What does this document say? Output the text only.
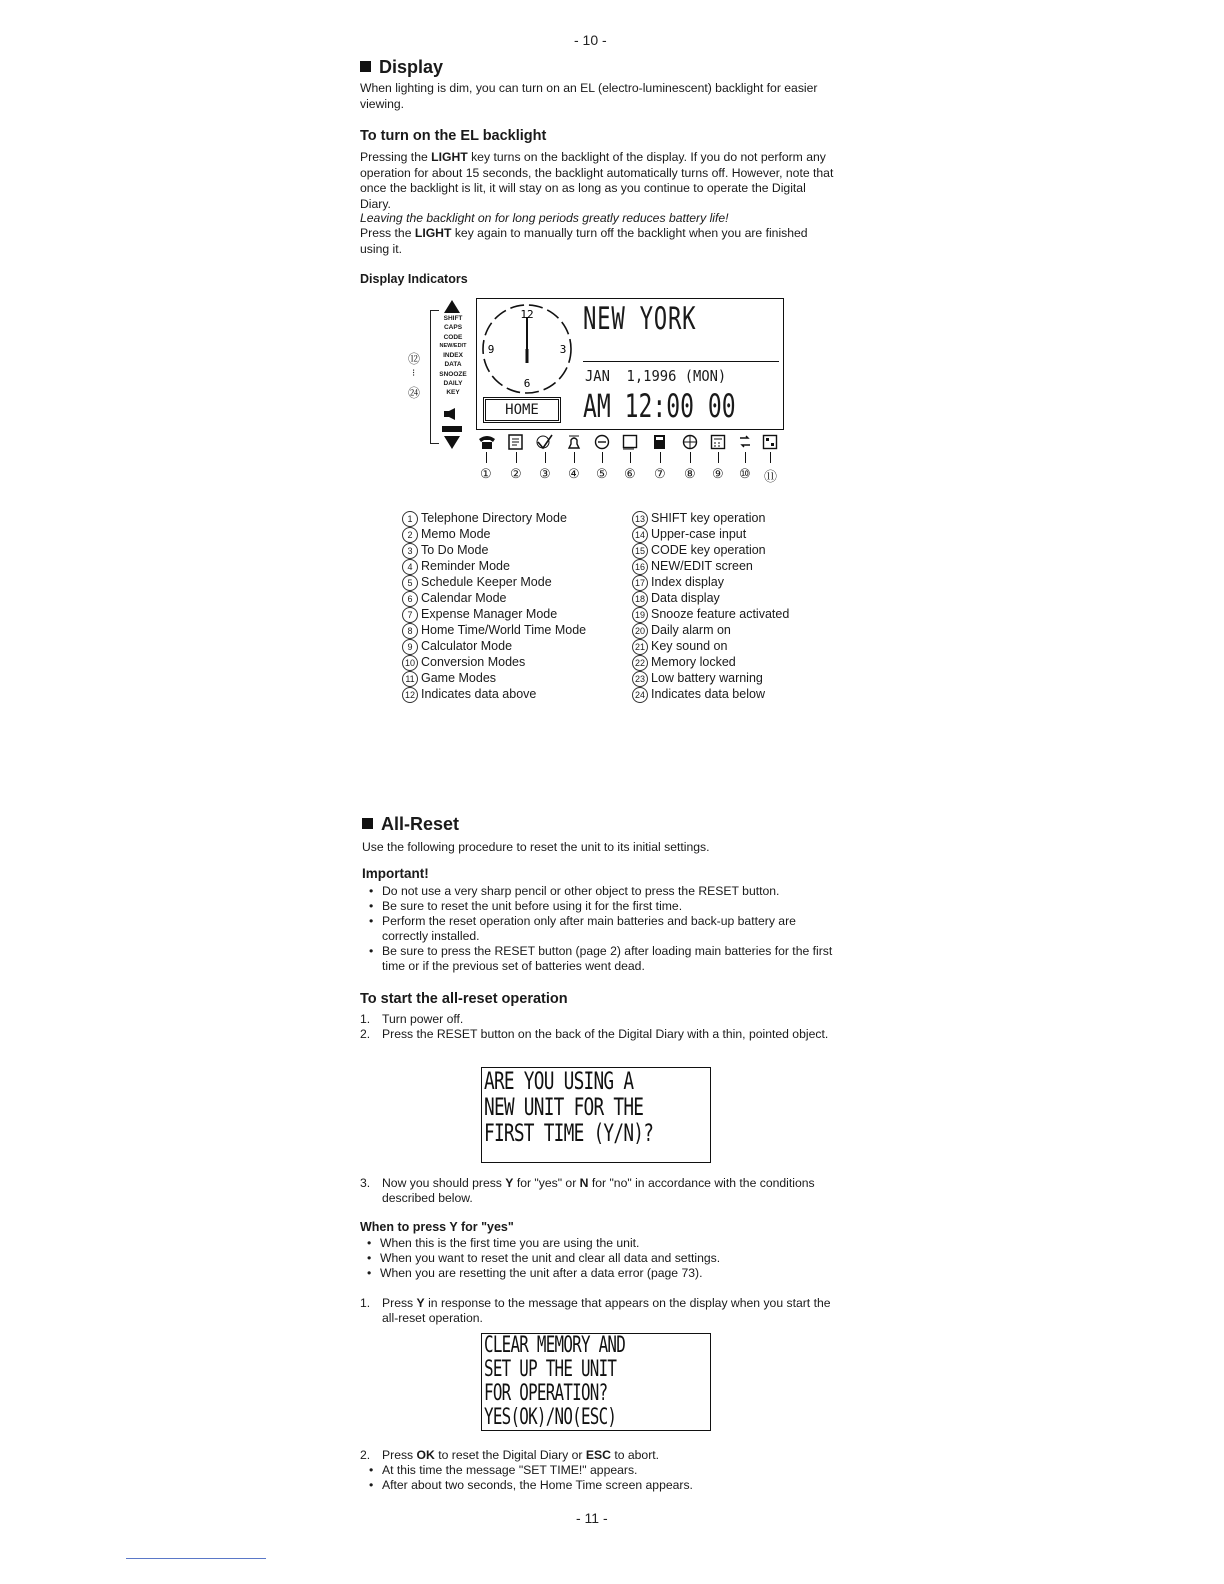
- 10 -
Display

When lighting is dim, you can turn on an EL (electro-luminescent) backlight for easier viewing.

To turn on the EL backlight

Pressing the LIGHT key turns on the backlight of the display. If you do not perform any operation for about 15 seconds, the backlight automatically turns off. However, note that once the backlight is lit, it will stay on as long as you continue to operate the Digital Diary.

Leaving the backlight on for long periods greatly reduces battery life!

Press the LIGHT key again to manually turn off the backlight when you are finished using it.

Display Indicators
⑫
⁝
㉔
SHIFT
CAPS
CODE
NEW/EDIT
INDEX
DATA
SNOOZE
DAILY
KEY
12
3
6
9
NEW YORK
JAN  1,1996 (MON)
HOME	AM 12:00 00
① ② ③ ④ ⑤ ⑥ ⑦ ⑧ ⑨ ⑩ ⑪
1 Telephone Directory Mode
2 Memo Mode
3 To Do Mode
4 Reminder Mode
5 Schedule Keeper Mode
6 Calendar Mode
7 Expense Manager Mode
8 Home Time/World Time Mode
9 Calculator Mode
10 Conversion Modes
11 Game Modes
12 Indicates data above
13 SHIFT key operation
14 Upper-case input
15 CODE key operation
16 NEW/EDIT screen
17 Index display
18 Data display
19 Snooze feature activated
20 Daily alarm on
21 Key sound on
22 Memory locked
23 Low battery warning
24 Indicates data below
All-Reset

Use the following procedure to reset the unit to its initial settings.

Important!
• Do not use a very sharp pencil or other object to press the RESET button.
• Be sure to reset the unit before using it for the first time.
• Perform the reset operation only after main batteries and back-up battery are correctly installed.
• Be sure to press the RESET button (page 2) after loading main batteries for the first time or if the previous set of batteries went dead.
To start the all-reset operation
1. Turn power off.
2. Press the RESET button on the back of the Digital Diary with a thin, pointed object.
ARE YOU USING A
NEW UNIT FOR THE
FIRST TIME (Y/N)?
3. Now you should press Y for "yes" or N for "no" in accordance with the conditions described below.
When to press Y for "yes"
• When this is the first time you are using the unit.
• When you want to reset the unit and clear all data and settings.
• When you are resetting the unit after a data error (page 73).
1. Press Y in response to the message that appears on the display when you start the all-reset operation.
CLEAR MEMORY AND
SET UP THE UNIT
FOR OPERATION?
YES(OK)/NO(ESC)
2. Press OK to reset the Digital Diary or ESC to abort.
• At this time the message "SET TIME!" appears.
• After about two seconds, the Home Time screen appears.
- 11 -
